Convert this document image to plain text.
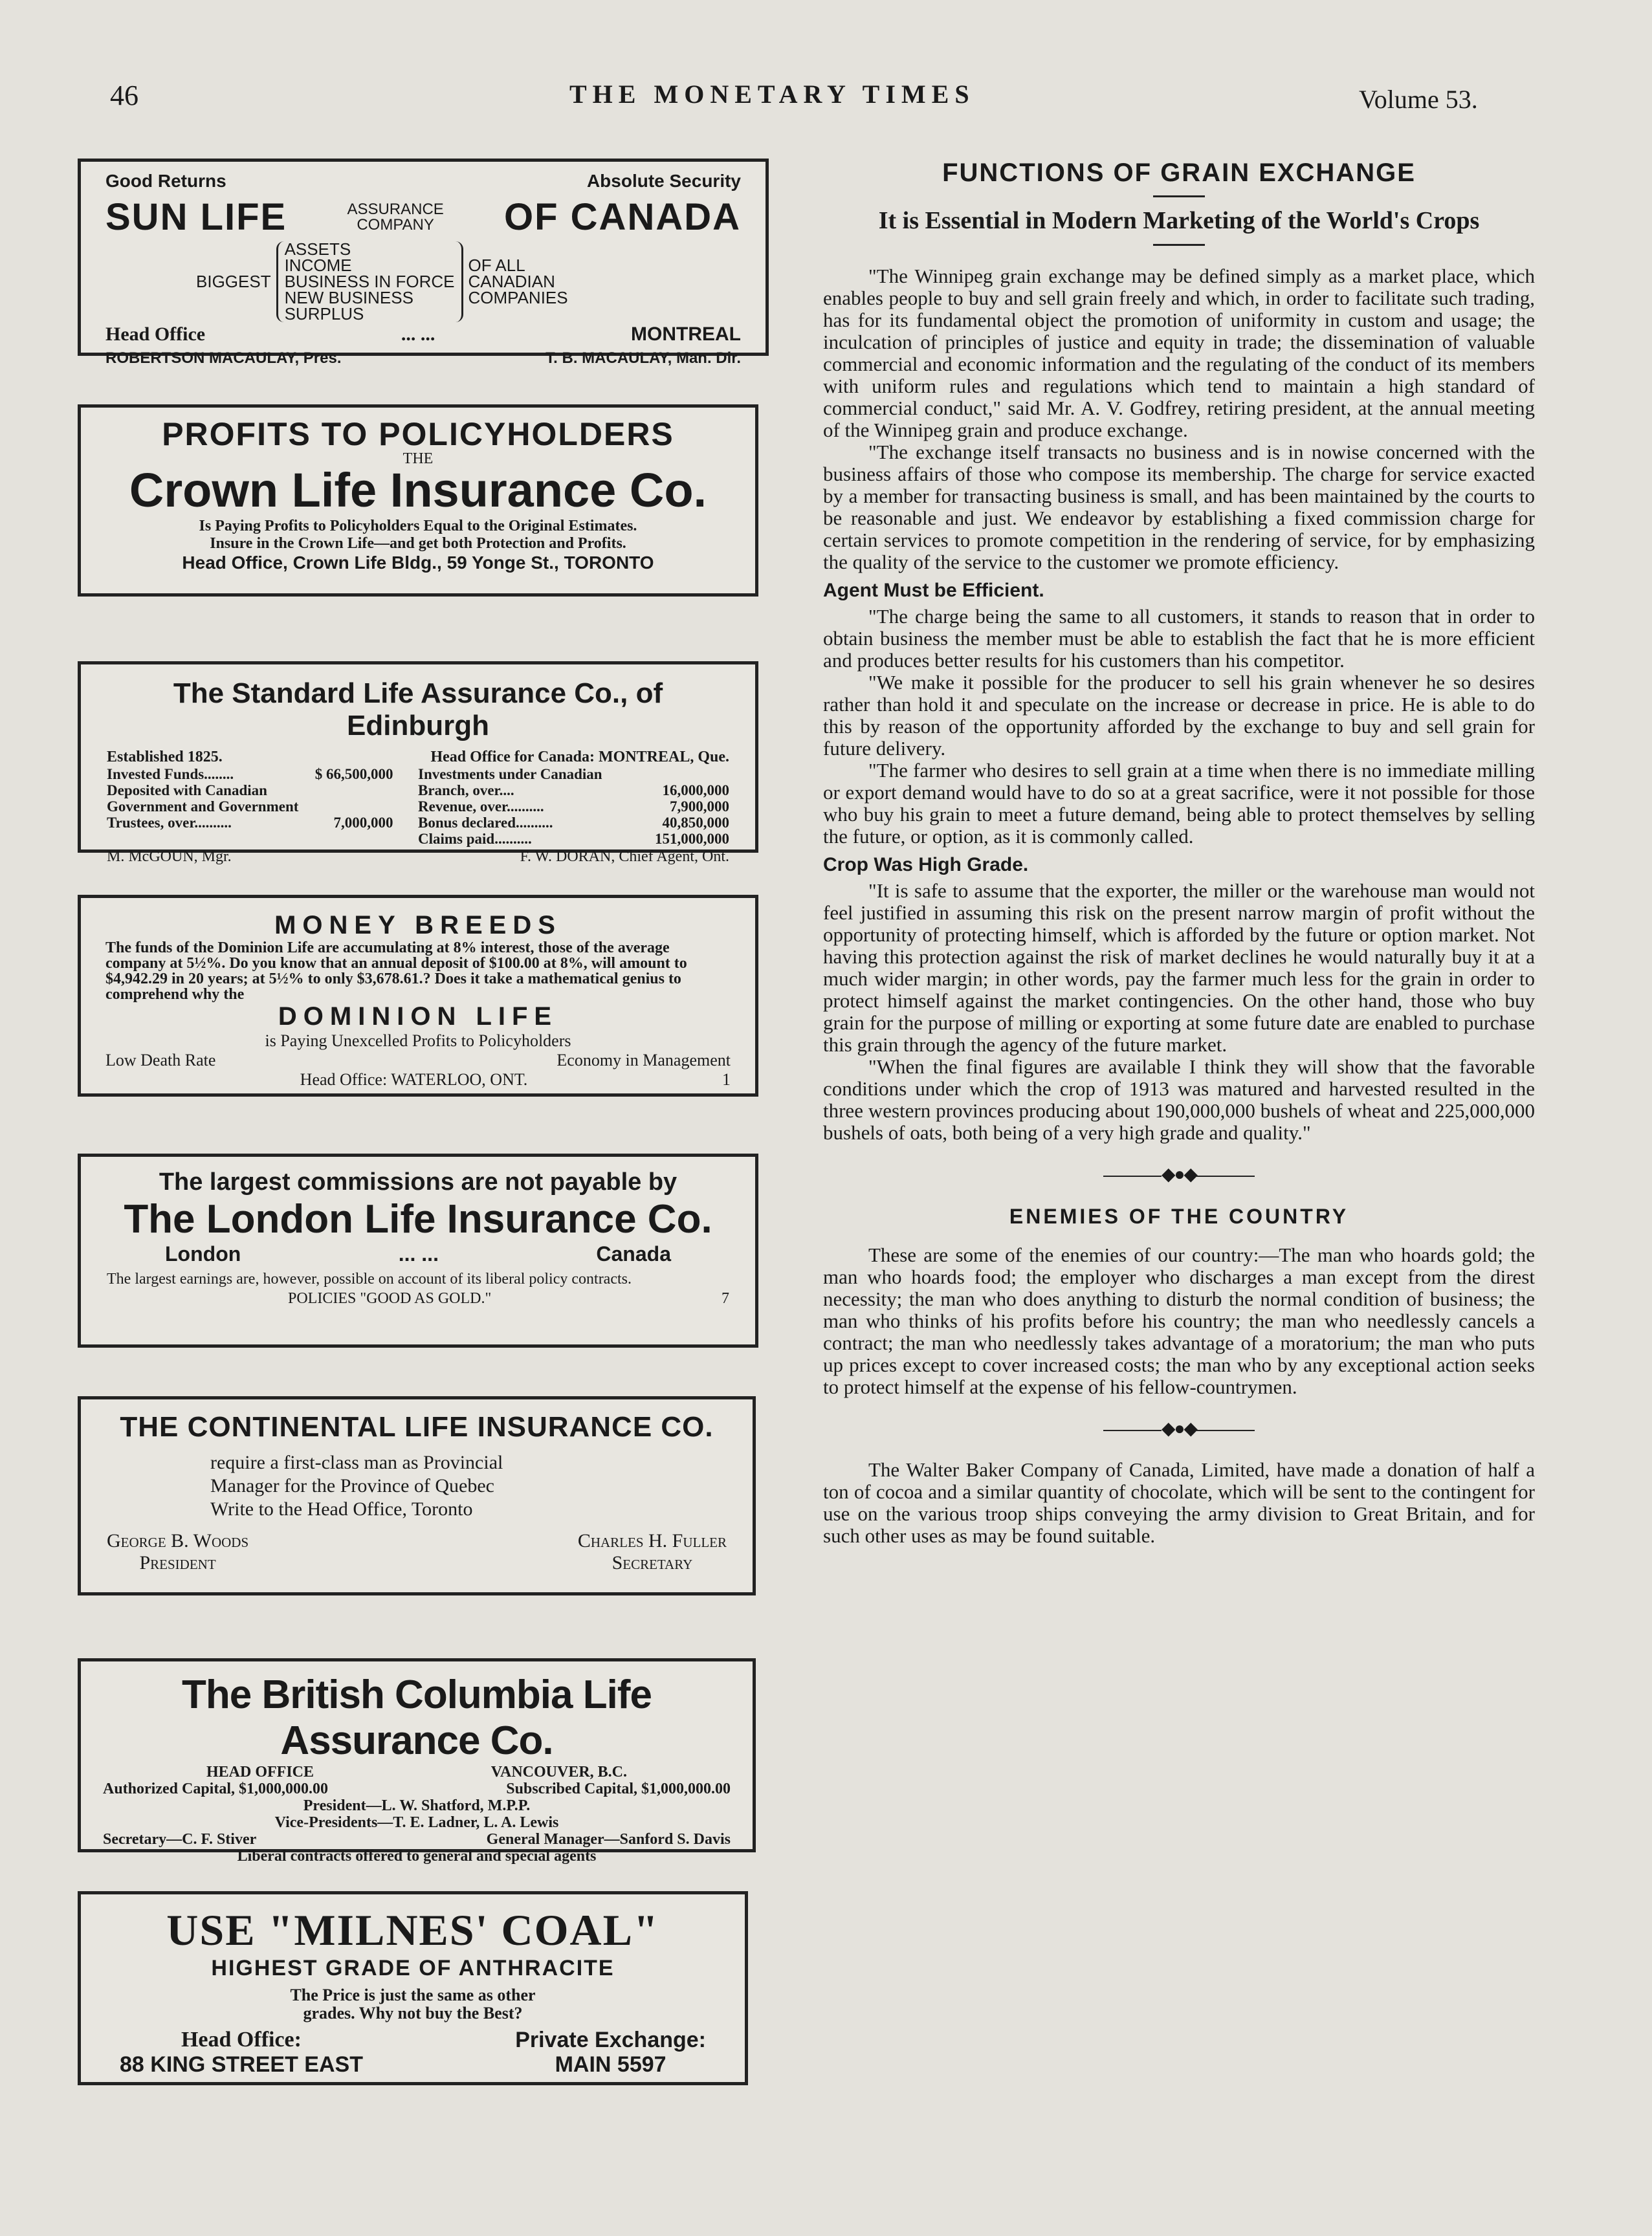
46	THE MONETARY TIMES	Volume 53.
Good Returns	Absolute Security
SUN LIFE	ASSURANCE
COMPANY OF CANADA
BIGGEST
ASSETS
INCOME
BUSINESS IN FORCE
NEW BUSINESS
SURPLUS
OF ALL
CANADIAN
COMPANIES
Head Office	... ...	MONTREAL
ROBERTSON MACAULAY, Pres.	T. B. MACAULAY, Man. Dir.
PROFITS TO POLICYHOLDERS
THE
Crown Life Insurance Co.
Is Paying Profits to Policyholders Equal to the Original Estimates.
Insure in the Crown Life—and get both Protection and Profits.
Head Office, Crown Life Bldg., 59 Yonge St., TORONTO
The Standard Life Assurance Co., of Edinburgh
Established 1825.	Head Office for Canada: MONTREAL, Que.
Invested Funds........	$ 66,500,000
Deposited with Canadian Government and Government Trustees, over..........	7,000,000
Investments under Canadian Branch, over....	16,000,000
Revenue, over..........	7,900,000
Bonus declared..........	40,850,000
Claims paid..........	151,000,000
M. McGOUN, Mgr.	F. W. DORAN, Chief Agent, Ont.
MONEY BREEDS
The funds of the Dominion Life are accumulating at 8% interest, those of the average company at 5½%. Do you know that an annual deposit of $100.00 at 8%, will amount to $4,942.29 in 20 years; at 5½% to only $3,678.61.? Does it take a mathematical genius to comprehend why the
DOMINION LIFE
is Paying Unexcelled Profits to Policyholders
Low Death Rate	Economy in Management
Head Office: WATERLOO, ONT.	1
The largest commissions are not payable by
The London Life Insurance Co.
London	... ...	Canada
The largest earnings are, however, possible on account of its liberal policy contracts.
POLICIES "GOOD AS GOLD."	7
THE CONTINENTAL LIFE INSURANCE CO.
require a first-class man as Provincial
Manager for the Province of Quebec
Write to the Head Office, Toronto
George B. Woods
President
Charles H. Fuller
Secretary
The British Columbia Life Assurance Co.
HEAD OFFICE	VANCOUVER, B.C.
Authorized Capital, $1,000,000.00	Subscribed Capital, $1,000,000.00
President—L. W. Shatford, M.P.P.
Vice-Presidents—T. E. Ladner, L. A. Lewis
Secretary—C. F. Stiver	General Manager—Sanford S. Davis
Liberal contracts offered to general and special agents
USE "MILNES' COAL"
HIGHEST GRADE OF ANTHRACITE
The Price is just the same as other
grades. Why not buy the Best?
Head Office:
88 KING STREET EAST
Private Exchange:
MAIN 5597
FUNCTIONS OF GRAIN EXCHANGE
It is Essential in Modern Marketing of the World's Crops

"The Winnipeg grain exchange may be defined simply as a market place, which enables people to buy and sell grain freely and which, in order to facilitate such trading, has for its fundamental object the promotion of uniformity in custom and usage; the inculcation of principles of justice and equity in trade; the dissemination of valuable commercial and economic information and the regulating of the conduct of its members with uniform rules and regulations which tend to maintain a high standard of commercial conduct," said Mr. A. V. Godfrey, retiring president, at the annual meeting of the Winnipeg grain and produce exchange.

"The exchange itself transacts no business and is in nowise concerned with the business affairs of those who compose its membership. The charge for service exacted by a member for transacting business is small, and has been maintained by the courts to be reasonable and just. We endeavor by establishing a fixed commission charge for certain services to promote competition in the rendering of service, for by emphasizing the quality of the service to the customer we promote efficiency.

Agent Must be Efficient.

"The charge being the same to all customers, it stands to reason that in order to obtain business the member must be able to establish the fact that he is more efficient and produces better results for his customers than his competitor.

"We make it possible for the producer to sell his grain whenever he so desires rather than hold it and speculate on the increase or decrease in price. He is able to do this by reason of the opportunity afforded by the exchange to buy and sell grain for future delivery.

"The farmer who desires to sell grain at a time when there is no immediate milling or export demand would have to do so at a great sacrifice, were it not possible for those who buy his grain to meet a future demand, being able to protect themselves by selling the future, or option, as it is commonly called.

Crop Was High Grade.

"It is safe to assume that the exporter, the miller or the warehouse man would not feel justified in assuming this risk on the present narrow margin of profit without the opportunity of protecting himself, which is afforded by the future or option market. Not having this protection against the risk of market declines he would naturally buy it at a much wider margin; in other words, pay the farmer much less for the grain in order to protect himself against the market contingencies. On the other hand, those who buy grain for the purpose of milling or exporting at some future date are enabled to purchase this grain through the agency of the future market.

"When the final figures are available I think they will show that the favorable conditions under which the crop of 1913 was matured and harvested resulted in the three western provinces producing about 190,000,000 bushels of wheat and 225,000,000 bushels of oats, both being of a very high grade and quality."

◆●◆
ENEMIES OF THE COUNTRY

These are some of the enemies of our country:—The man who hoards gold; the man who hoards food; the employer who discharges a man except from the direst necessity; the man who does anything to disturb the normal condition of business; the man who thinks of his profits before his country; the man who needlessly cancels a contract; the man who needlessly takes advantage of a moratorium; the man who puts up prices except to cover increased costs; the man who by any exceptional action seeks to protect himself at the expense of his fellow-countrymen.

◆●◆

The Walter Baker Company of Canada, Limited, have made a donation of half a ton of cocoa and a similar quantity of chocolate, which will be sent to the contingent for use on the various troop ships conveying the army division to Great Britain, and for such other uses as may be found suitable.
